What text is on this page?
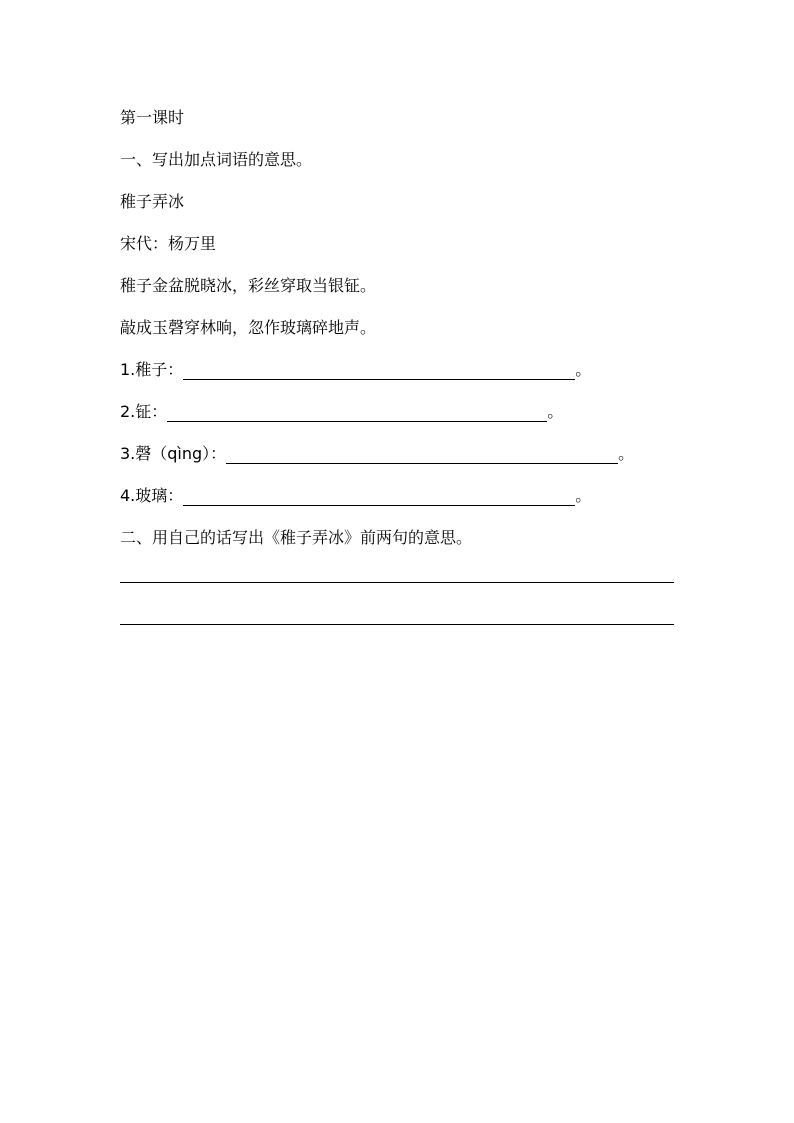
第一课时
一、写出加点词语的意思。
稚子弄冰
宋代：杨万里
稚子金盆脱晓冰，彩丝穿取当银钲。
敲成玉磬穿林响，忽作玻璃碎地声。
1.稚子：	。
2.钲：	。
3.磬（qìng）：	。
4.玻璃：	。
二、用自己的话写出《稚子弄冰》前两句的意思。
